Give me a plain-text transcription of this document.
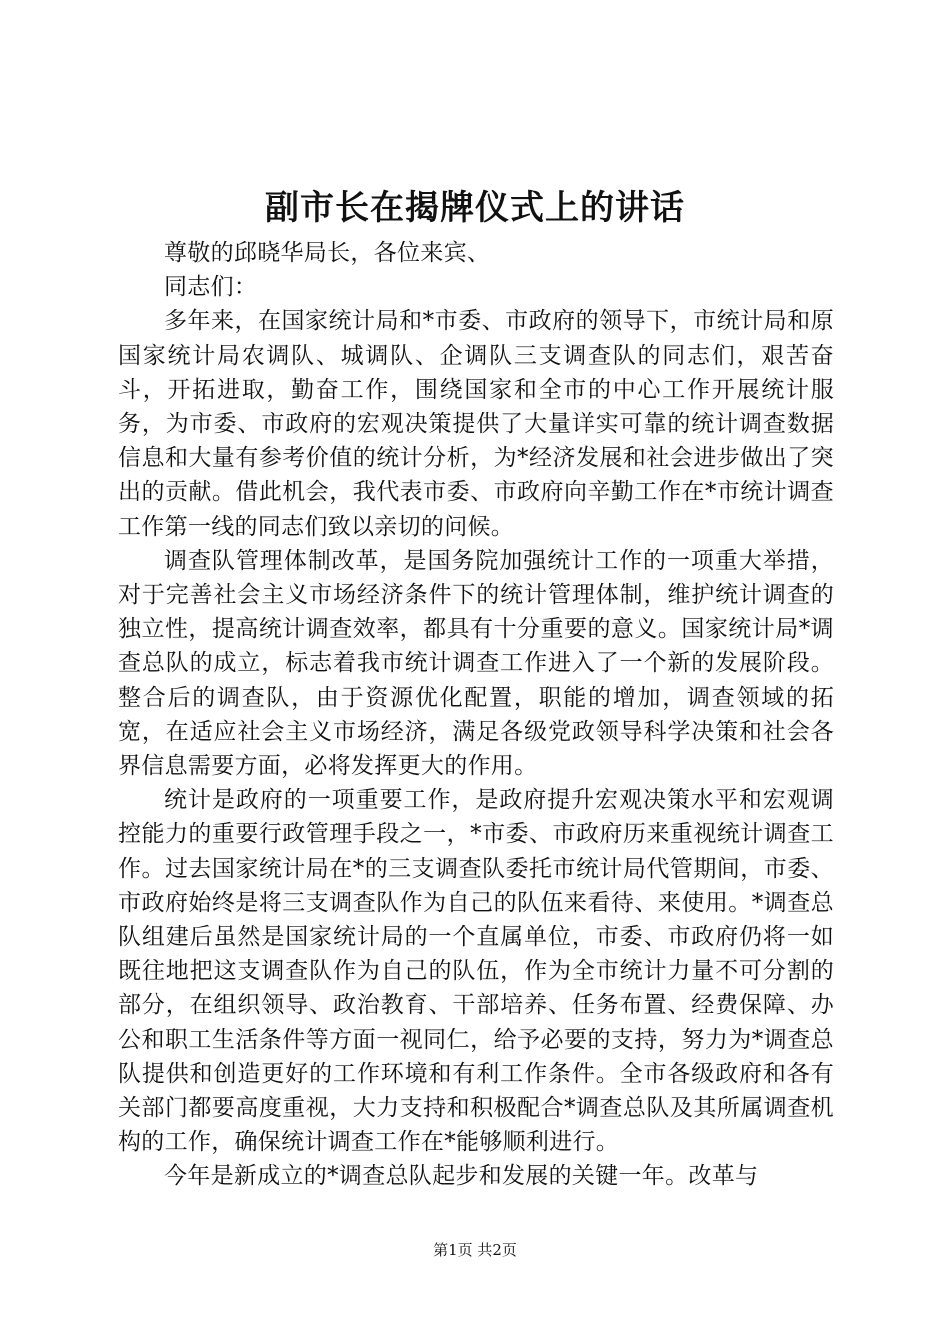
副市长在揭牌仪式上的讲话

尊敬的邱晓华局长，各位来宾、

同志们：

多年来，在国家统计局和*市委、市政府的领导下，市统计局和原国家统计局农调队、城调队、企调队三支调查队的同志们，艰苦奋斗，开拓进取，勤奋工作，围绕国家和全市的中心工作开展统计服务，为市委、市政府的宏观决策提供了大量详实可靠的统计调查数据信息和大量有参考价值的统计分析，为*经济发展和社会进步做出了突出的贡献。借此机会，我代表市委、市政府向辛勤工作在*市统计调查工作第一线的同志们致以亲切的问候。

调查队管理体制改革，是国务院加强统计工作的一项重大举措，对于完善社会主义市场经济条件下的统计管理体制，维护统计调查的独立性，提高统计调查效率，都具有十分重要的意义。国家统计局*调查总队的成立，标志着我市统计调查工作进入了一个新的发展阶段。整合后的调查队，由于资源优化配置，职能的增加，调查领域的拓宽，在适应社会主义市场经济，满足各级党政领导科学决策和社会各界信息需要方面，必将发挥更大的作用。

统计是政府的一项重要工作，是政府提升宏观决策水平和宏观调控能力的重要行政管理手段之一，*市委、市政府历来重视统计调查工作。过去国家统计局在*的三支调查队委托市统计局代管期间，市委、市政府始终是将三支调查队作为自己的队伍来看待、来使用。*调查总队组建后虽然是国家统计局的一个直属单位，市委、市政府仍将一如既往地把这支调查队作为自己的队伍，作为全市统计力量不可分割的部分，在组织领导、政治教育、干部培养、任务布置、经费保障、办公和职工生活条件等方面一视同仁，给予必要的支持，努力为*调查总队提供和创造更好的工作环境和有利工作条件。全市各级政府和各有关部门都要高度重视，大力支持和积极配合*调查总队及其所属调查机构的工作，确保统计调查工作在*能够顺利进行。

今年是新成立的*调查总队起步和发展的关键一年。改革与

第1页 共2页
